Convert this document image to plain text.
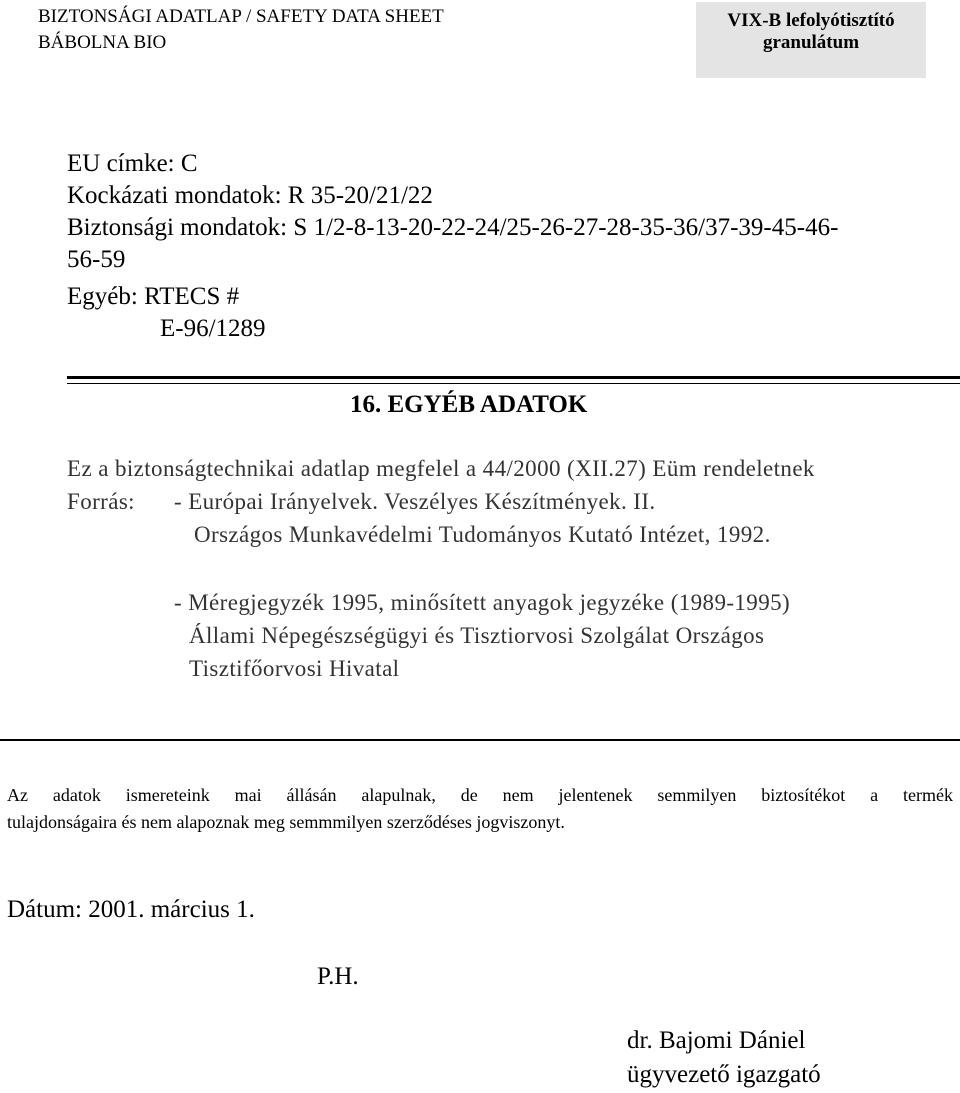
BIZTONSÁGI ADATLAP / SAFETY DATA SHEET
BÁBOLNA BIO
VIX-B lefolyótisztító
granulátum
EU címke: C
Kockázati mondatok: R 35-20/21/22
Biztonsági mondatok: S 1/2-8-13-20-22-24/25-26-27-28-35-36/37-39-45-46-
56-59
Egyéb: RTECS #
E-96/1289
16. EGYÉB ADATOK
Ez a biztonságtechnikai adatlap megfelel a 44/2000 (XII.27) Eüm rendeletnek
Forrás: - Európai Irányelvek. Veszélyes Készítmények. II.
Országos Munkavédelmi Tudományos Kutató Intézet, 1992.
- Méregjegyzék 1995, minősített anyagok jegyzéke (1989-1995)
Állami Népegészségügyi és Tisztiorvosi Szolgálat Országos
Tisztifőorvosi Hivatal
Az adatok ismereteink mai állásán alapulnak, de nem jelentenek semmilyen biztosítékot a termék
tulajdonságaira és nem alapoznak meg semmmilyen szerződéses jogviszonyt.
Dátum: 2001. március 1.
P.H.
dr. Bajomi Dániel
ügyvezető igazgató
